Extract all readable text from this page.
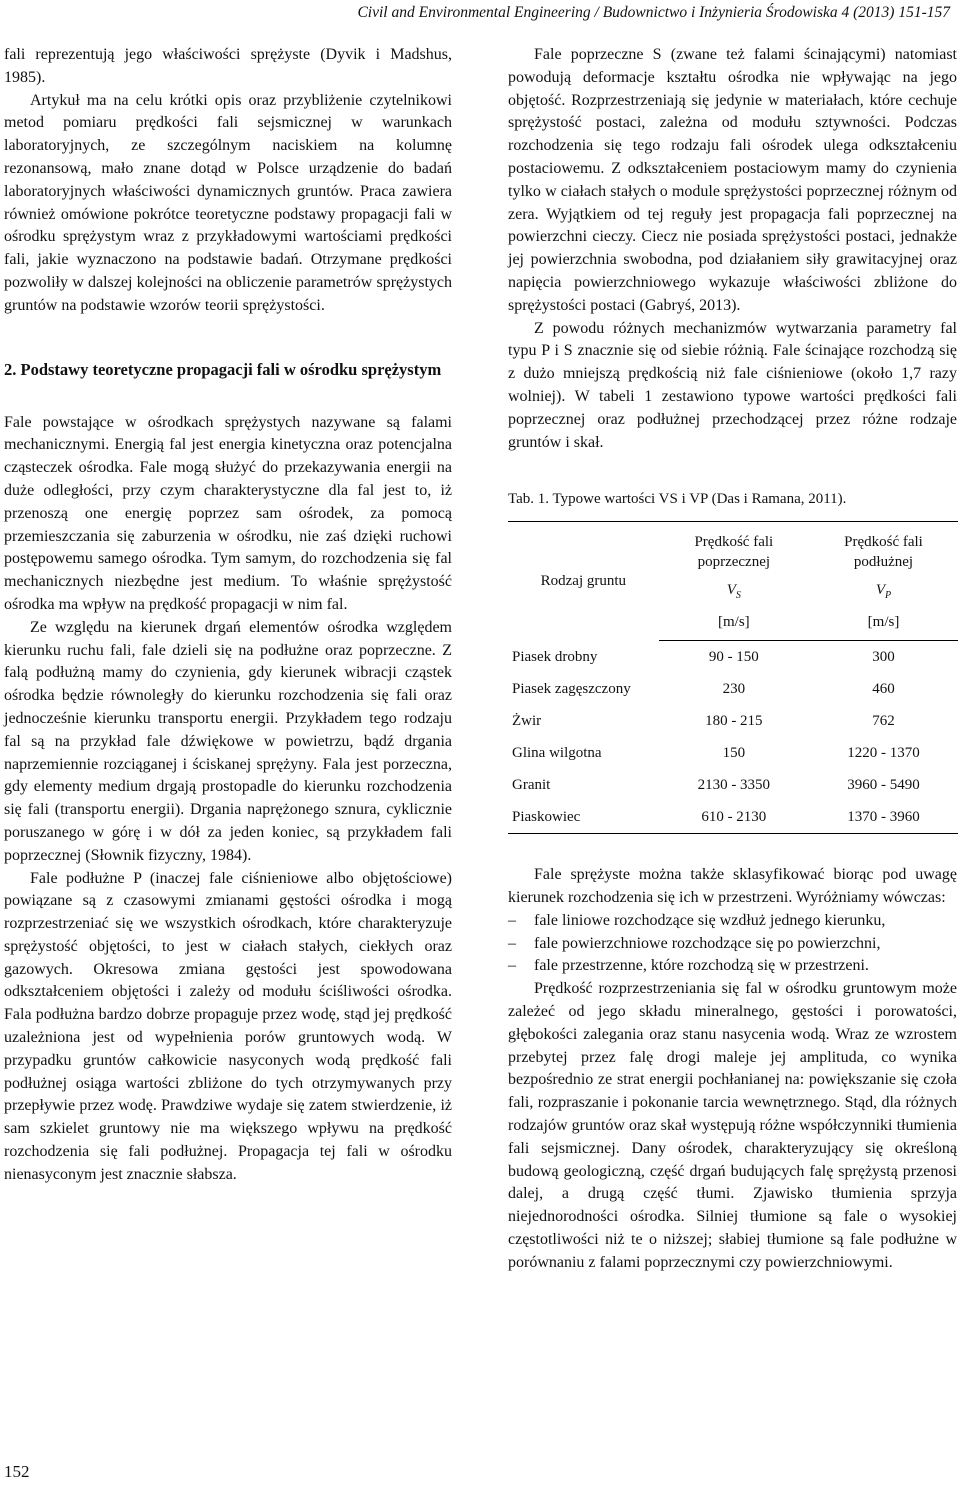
Civil and Environmental Engineering / Budownictwo i Inżynieria Środowiska 4 (2013) 151-157

fali reprezentują jego właściwości sprężyste (Dyvik i Madshus, 1985).

Artykuł ma na celu krótki opis oraz przybliżenie czytelnikowi metod pomiaru prędkości fali sejsmicznej w warunkach laboratoryjnych, ze szczególnym naciskiem na kolumnę rezonansową, mało znane dotąd w Polsce urządzenie do badań laboratoryjnych właściwości dynamicznych gruntów. Praca zawiera również omówione pokrótce teoretyczne podstawy propagacji fali w ośrodku sprężystym wraz z przykładowymi wartościami prędkości fali, jakie wyznaczono na podstawie badań. Otrzymane prędkości pozwoliły w dalszej kolejności na obliczenie parametrów sprężystych gruntów na podstawie wzorów teorii sprężystości.

2. Podstawy teoretyczne propagacji fali w ośrodku sprężystym

Fale powstające w ośrodkach sprężystych nazywane są falami mechanicznymi. Energią fal jest energia kinetyczna oraz potencjalna cząsteczek ośrodka. Fale mogą służyć do przekazywania energii na duże odległości, przy czym charakterystyczne dla fal jest to, iż przenoszą one energię poprzez sam ośrodek, za pomocą przemieszczania się zaburzenia w ośrodku, nie zaś dzięki ruchowi postępowemu samego ośrodka. Tym samym, do rozchodzenia się fal mechanicznych niezbędne jest medium. To właśnie sprężystość ośrodka ma wpływ na prędkość propagacji w nim fal.

Ze względu na kierunek drgań elementów ośrodka względem kierunku ruchu fali, fale dzieli się na podłużne oraz poprzeczne. Z falą podłużną mamy do czynienia, gdy kierunek wibracji cząstek ośrodka będzie równoległy do kierunku rozchodzenia się fali oraz jednocześnie kierunku transportu energii. Przykładem tego rodzaju fal są na przykład fale dźwiękowe w powietrzu, bądź drgania naprzemiennie rozciąganej i ściskanej sprężyny. Fala jest porzeczna, gdy elementy medium drgają prostopadle do kierunku rozchodzenia się fali (transportu energii). Drgania naprężonego sznura, cyklicznie poruszanego w górę i w dół za jeden koniec, są przykładem fali poprzecznej (Słownik fizyczny, 1984).

Fale podłużne P (inaczej fale ciśnieniowe albo objętościowe) powiązane są z czasowymi zmianami gęstości ośrodka i mogą rozprzestrzeniać się we wszystkich ośrodkach, które charakteryzuje sprężystość objętości, to jest w ciałach stałych, ciekłych oraz gazowych. Okresowa zmiana gęstości jest spowodowana odkształceniem objętości i zależy od modułu ściśliwości ośrodka. Fala podłużna bardzo dobrze propaguje przez wodę, stąd jej prędkość uzależniona jest od wypełnienia porów gruntowych wodą. W przypadku gruntów całkowicie nasyconych wodą prędkość fali podłużnej osiąga wartości zbliżone do tych otrzymywanych przy przepływie przez wodę. Prawdziwe wydaje się zatem stwierdzenie, iż sam szkielet gruntowy nie ma większego wpływu na prędkość rozchodzenia się fali podłużnej. Propagacja tej fali w ośrodku nienasyconym jest znacznie słabsza.

Fale poprzeczne S (zwane też falami ścinającymi) natomiast powodują deformacje kształtu ośrodka nie wpływając na jego objętość. Rozprzestrzeniają się jedynie w materiałach, które cechuje sprężystość postaci, zależna od modułu sztywności. Podczas rozchodzenia się tego rodzaju fali ośrodek ulega odkształceniu postaciowemu. Z odkształceniem postaciowym mamy do czynienia tylko w ciałach stałych o module sprężystości poprzecznej różnym od zera. Wyjątkiem od tej reguły jest propagacja fali poprzecznej na powierzchni cieczy. Ciecz nie posiada sprężystości postaci, jednakże jej powierzchnia swobodna, pod działaniem siły grawitacyjnej oraz napięcia powierzchniowego wykazuje właściwości zbliżone do sprężystości postaci (Gabryś, 2013).

Z powodu różnych mechanizmów wytwarzania parametry fal typu P i S znacznie się od siebie różnią. Fale ścinające rozchodzą się z dużo mniejszą prędkością niż fale ciśnieniowe (około 1,7 razy wolniej). W tabeli 1 zestawiono typowe wartości prędkości fali poprzecznej oraz podłużnej przechodzącej przez różne rodzaje gruntów i skał.

Tab. 1. Typowe wartości VS i VP (Das i Ramana, 2011).
Rodzaj gruntu	Prędkość fali poprzecznej	Prędkość fali podłużnej
	$V_S$	$V_P$
	[m/s]	[m/s]
Piasek drobny	90 - 150	300
Piasek zagęszczony	230	460
Żwir	180 - 215	762
Glina wilgotna	150	1220 - 1370
Granit	2130 - 3350	3960 - 5490
Piaskowiec	610 - 2130	1370 - 3960

Fale sprężyste można także sklasyfikować biorąc pod uwagę kierunek rozchodzenia się ich w przestrzeni. Wyróżniamy wówczas:

– fale liniowe rozchodzące się wzdłuż jednego kierunku,
– fale powierzchniowe rozchodzące się po powierzchni,
– fale przestrzenne, które rozchodzą się w przestrzeni.

Prędkość rozprzestrzeniania się fal w ośrodku gruntowym może zależeć od jego składu mineralnego, gęstości i porowatości, głębokości zalegania oraz stanu nasycenia wodą. Wraz ze wzrostem przebytej przez falę drogi maleje jej amplituda, co wynika bezpośrednio ze strat energii pochłanianej na: powiększanie się czoła fali, rozpraszanie i pokonanie tarcia wewnętrznego. Stąd, dla różnych rodzajów gruntów oraz skał występują różne współczynniki tłumienia fali sejsmicznej. Dany ośrodek, charakteryzujący się określoną budową geologiczną, część drgań budujących falę sprężystą przenosi dalej, a drugą część tłumi. Zjawisko tłumienia sprzyja niejednorodności ośrodka. Silniej tłumione są fale o wysokiej częstotliwości niż te o niższej; słabiej tłumione są fale podłużne w porównaniu z falami poprzecznymi czy powierzchniowymi.

152
